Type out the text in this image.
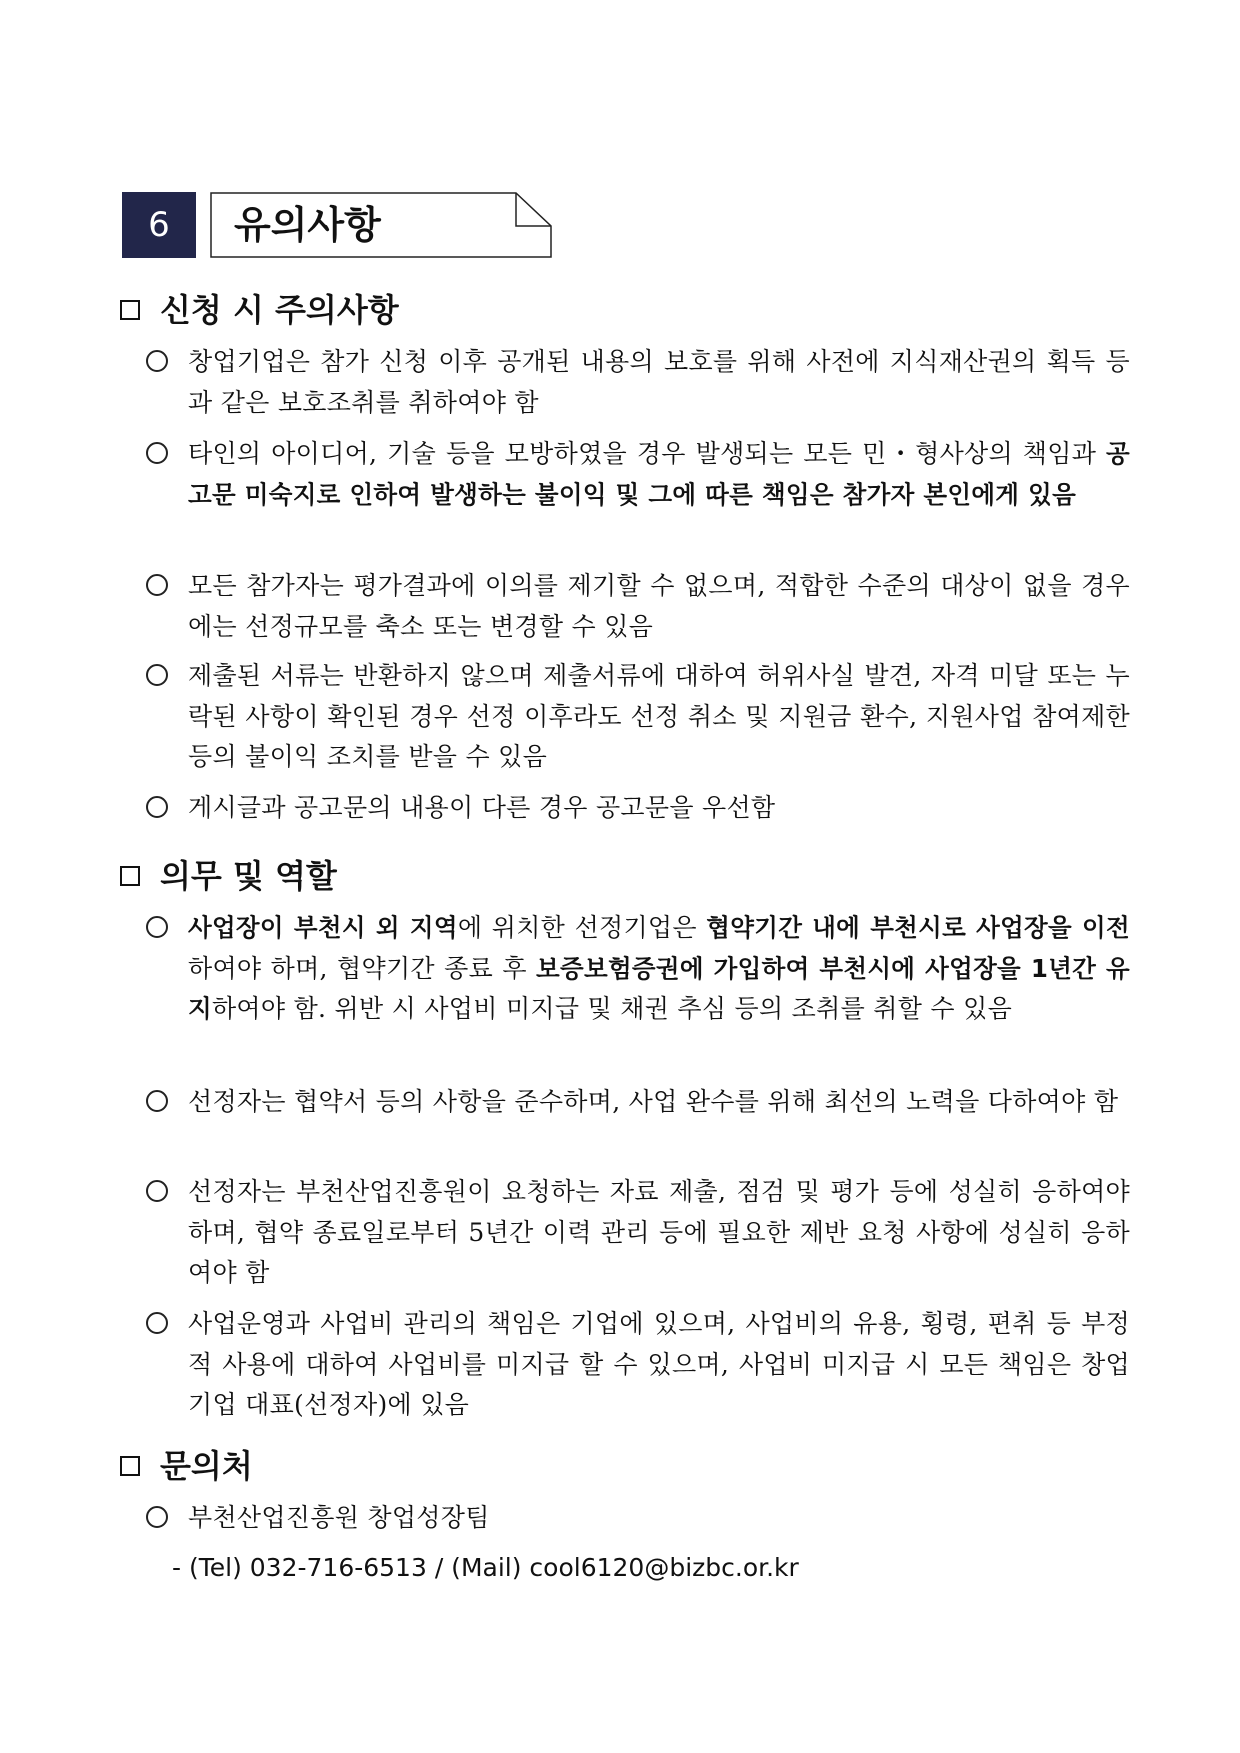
6	유의사항
신청 시 주의사항
창업기업은 참가 신청 이후 공개된 내용의 보호를 위해 사전에 지식재산권의 획득 등과 같은 보호조취를 취하여야 함
타인의 아이디어, 기술 등을 모방하였을 경우 발생되는 모든 민・형사상의 책임과 공고문 미숙지로 인하여 발생하는 불이익 및 그에 따른 책임은 참가자 본인에게 있음
모든 참가자는 평가결과에 이의를 제기할 수 없으며, 적합한 수준의 대상이 없을 경우에는 선정규모를 축소 또는 변경할 수 있음
제출된 서류는 반환하지 않으며 제출서류에 대하여 허위사실 발견, 자격 미달 또는 누락된 사항이 확인된 경우 선정 이후라도 선정 취소 및 지원금 환수, 지원사업 참여제한 등의 불이익 조치를 받을 수 있음
게시글과 공고문의 내용이 다른 경우 공고문을 우선함
의무 및 역할
사업장이 부천시 외 지역에 위치한 선정기업은 협약기간 내에 부천시로 사업장을 이전하여야 하며, 협약기간 종료 후 보증보험증권에 가입하여 부천시에 사업장을 1년간 유지하여야 함. 위반 시 사업비 미지급 및 채권 추심 등의 조취를 취할 수 있음
선정자는 협약서 등의 사항을 준수하며, 사업 완수를 위해 최선의 노력을 다하여야 함
선정자는 부천산업진흥원이 요청하는 자료 제출, 점검 및 평가 등에 성실히 응하여야 하며, 협약 종료일로부터 5년간 이력 관리 등에 필요한 제반 요청 사항에 성실히 응하여야 함
사업운영과 사업비 관리의 책임은 기업에 있으며, 사업비의 유용, 횡령, 편취 등 부정적 사용에 대하여 사업비를 미지급 할 수 있으며, 사업비 미지급 시 모든 책임은 창업기업 대표(선정자)에 있음
문의처
부천산업진흥원 창업성장팀
- (Tel) 032-716-6513 / (Mail) cool6120@bizbc.or.kr
